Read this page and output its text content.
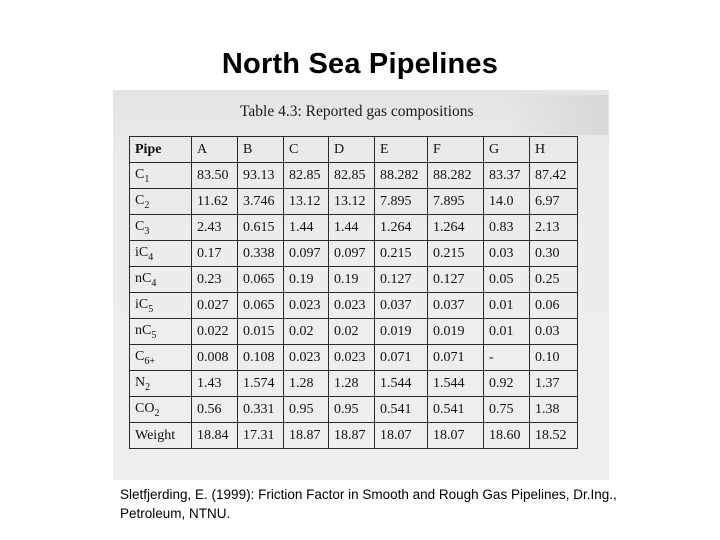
North Sea Pipelines
Table 4.3: Reported gas compositions
Pipe	A	B	C	D	E	F	G	H
$C_1$	83.50	93.13	82.85	82.85	88.282	88.282	83.37	87.42
$C_2$	11.62	3.746	13.12	13.12	7.895	7.895	14.0	6.97
$C_3$	2.43	0.615	1.44	1.44	1.264	1.264	0.83	2.13
$iC_4$	0.17	0.338	0.097	0.097	0.215	0.215	0.03	0.30
$nC_4$	0.23	0.065	0.19	0.19	0.127	0.127	0.05	0.25
$iC_5$	0.027	0.065	0.023	0.023	0.037	0.037	0.01	0.06
$nC_5$	0.022	0.015	0.02	0.02	0.019	0.019	0.01	0.03
$C_{6+}$	0.008	0.108	0.023	0.023	0.071	0.071	-	0.10
$N_2$	1.43	1.574	1.28	1.28	1.544	1.544	0.92	1.37
$CO_2$	0.56	0.331	0.95	0.95	0.541	0.541	0.75	1.38
Weight	18.84	17.31	18.87	18.87	18.07	18.07	18.60	18.52
Sletfjerding, E. (1999): Friction Factor in Smooth and Rough Gas Pipelines, Dr.Ing.,
Petroleum, NTNU.
